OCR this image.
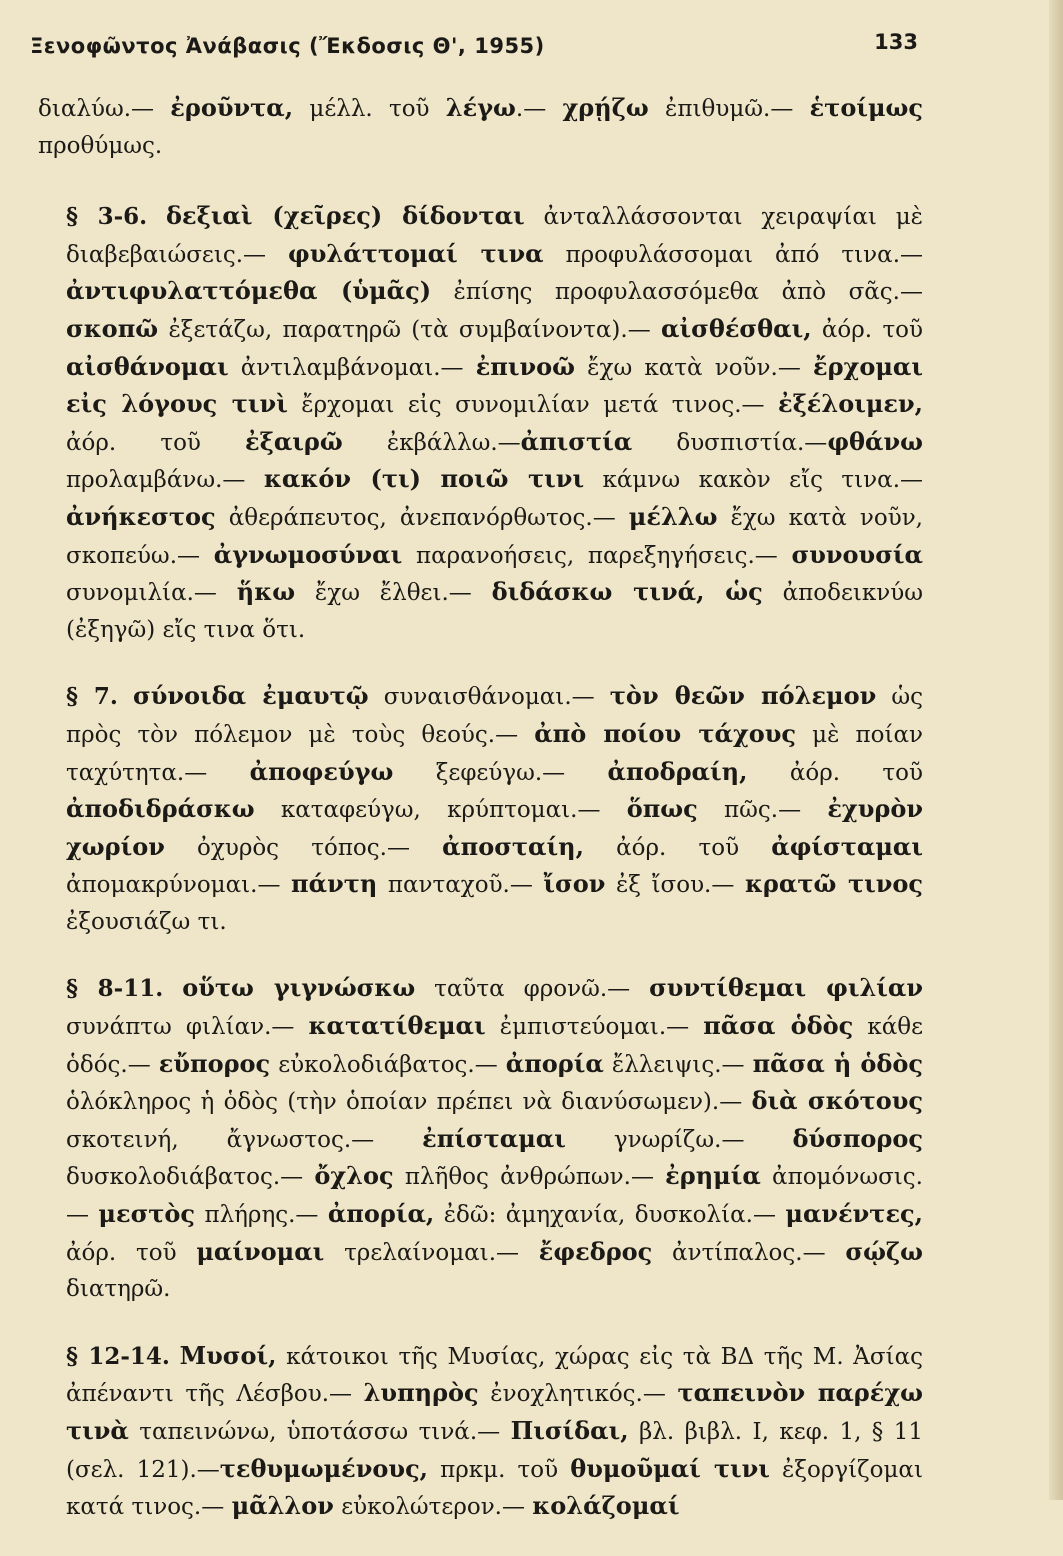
Ξενοφῶντος Ἀνάβασις (Ἔκδοσις Θ', 1955)	133

διαλύω.— ἐροῦντα, μέλλ. τοῦ λέγω.— χρῄζω ἐπιθυμῶ.— ἑτοίμως προθύμως.

§ 3-6. δεξιαὶ (χεῖρες) δίδονται ἀνταλλάσσονται χειραψίαι μὲ διαβεβαιώσεις.— φυλάττομαί τινα προφυλάσσομαι ἀπό τινα.— ἀντιφυλαττόμεθα (ὑμᾶς) ἐπίσης προφυλασσόμεθα ἀπὸ σᾶς.— σκοπῶ ἐξετάζω, παρατηρῶ (τὰ συμβαίνοντα).— αἰσθέσθαι, ἀόρ. τοῦ αἰσθάνομαι ἀντιλαμβάνομαι.— ἐπινοῶ ἔχω κατὰ νοῦν.— ἔρχομαι εἰς λόγους τινὶ ἔρχομαι εἰς συνομιλίαν μετά τινος.— ἐξέλοιμεν, ἀόρ. τοῦ ἐξαιρῶ ἐκβάλλω.—ἀπιστία δυσπιστία.—φθάνω προλαμβάνω.— κακόν (τι) ποιῶ τινι κάμνω κακὸν εἴς τινα.— ἀνήκεστος ἀθεράπευτος, ἀνεπανόρθωτος.— μέλλω ἔχω κατὰ νοῦν, σκοπεύω.— ἀγνωμοσύναι παρανοήσεις, παρεξηγήσεις.— συνουσία συνομιλία.— ἥκω ἔχω ἔλθει.— διδάσκω τινά, ὡς ἀποδεικνύω (ἐξηγῶ) εἴς τινα ὅτι.

§ 7. σύνοιδα ἐμαυτῷ συναισθάνομαι.— τὸν θεῶν πόλεμον ὡς πρὸς τὸν πόλεμον μὲ τοὺς θεούς.— ἀπὸ ποίου τάχους μὲ ποίαν ταχύτητα.— ἀποφεύγω ξεφεύγω.— ἀποδραίη, ἀόρ. τοῦ ἀποδιδράσκω καταφεύγω, κρύπτομαι.— ὅπως πῶς.— ἐχυρὸν χωρίον ὀχυρὸς τόπος.— ἀποσταίη, ἀόρ. τοῦ ἀφίσταμαι ἀπομακρύνομαι.— πάντη πανταχοῦ.— ἴσον ἐξ ἴσου.— κρατῶ τινος ἐξουσιάζω τι.

§ 8-11. οὕτω γιγνώσκω ταῦτα φρονῶ.— συντίθεμαι φιλίαν συνάπτω φιλίαν.— κατατίθεμαι ἐμπιστεύομαι.— πᾶσα ὁδὸς κάθε ὁδός.— εὔπορος εὐκολοδιάβατος.— ἀπορία ἔλλειψις.— πᾶσα ἡ ὁδὸς ὁλόκληρος ἡ ὁδὸς (τὴν ὁποίαν πρέπει νὰ διανύσωμεν).— διὰ σκότους σκοτεινή, ἄγνωστος.— ἐπίσταμαι γνωρίζω.— δύσπορος δυσκολοδιάβατος.— ὄχλος πλῆθος ἀνθρώπων.— ἐρημία ἀπομόνωσις.— μεστὸς πλήρης.— ἀπορία, ἐδῶ: ἀμηχανία, δυσκολία.— μανέντες, ἀόρ. τοῦ μαίνομαι τρελαίνομαι.— ἔφεδρος ἀντίπαλος.— σῴζω διατηρῶ.

§ 12-14. Μυσοί, κάτοικοι τῆς Μυσίας, χώρας εἰς τὰ ΒΔ τῆς Μ. Ἀσίας ἀπέναντι τῆς Λέσβου.— λυπηρὸς ἐνοχλητικός.— ταπεινὸν παρέχω τινὰ ταπεινώνω, ὑποτάσσω τινά.— Πισίδαι, βλ. βιβλ. Ι, κεφ. 1, § 11 (σελ. 121).—τεθυμωμένους, πρκμ. τοῦ θυμοῦμαί τινι ἐξοργίζομαι κατά τινος.— μᾶλλον εὐκολώτερον.— κολάζομαί
